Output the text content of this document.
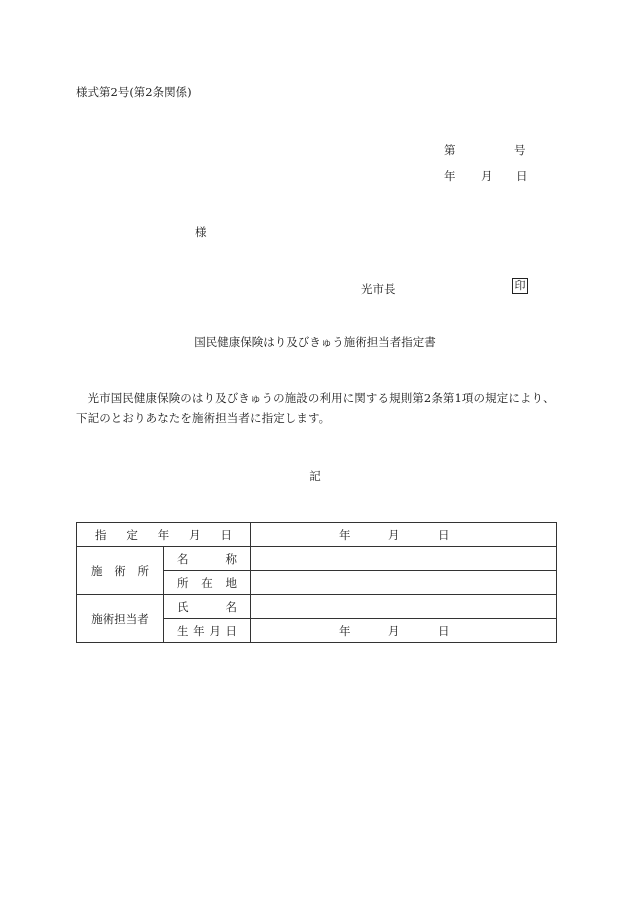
様式第2号(第2条関係)
第	号
年 月 日
様
光市長	印
国民健康保険はり及びきゅう施術担当者指定書
光市国民健康保険のはり及びきゅうの施設の利用に関する規則第2条第1項の規定により、下記のとおりあなたを施術担当者に指定します。
記
指 定 年 月 日		年 月 日

施 術 所	名 称	

	所 在 地	

施術担当者	氏 名	

	生 年 月 日	年 月 日
